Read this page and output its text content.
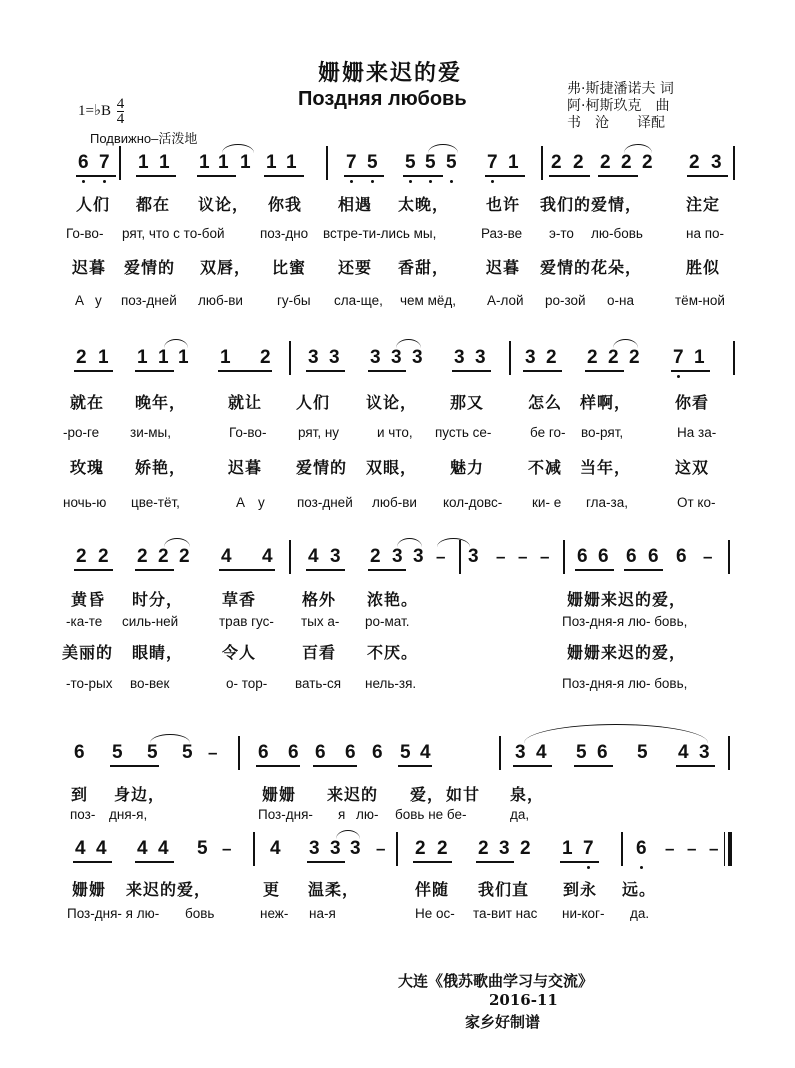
姗姗来迟的爱
Поздняя любовь	弗·斯捷潘诺夫 词
阿·柯斯玖克　曲
书　沧　　译配
1=♭B $\frac{4}{4}$
Подвижно–活泼地
6 7 1 1 1 1 1 1 1	7 5 5 5 5 7 1 2 2 2 2 2 2 3
人们 都在 议论， 你我 相遇 太晚， 也许 我们的爱情，	注定
Го-во- рят, что с то-бой	поз-дно встре-ти-лись мы,	Раз-ве э-то лю-бовь	на по-
迟暮 爱情的 双唇， 比蜜 还要 香甜， 迟暮 爱情的花朵，	胜似
А у поз-дней люб-ви	гу-бы сла-ще, чем мёд, А-лой ро-зой о-на	тём-ной
2 1 1 1 1 1 2 3 3 3 3 3 3 3 3 2 2 2 2 7 1
就在 晚年，	就让 人们 议论， 那又	怎么 样啊，	你看
-ро-ге зи-мы,	Го-во- рят, ну	и что, пусть се-	бе го- во-рят,	На за-
玫瑰 娇艳，	迟暮 爱情的 双眼， 魅力	不减 当年，	这双
ночь-ю цве-тёт,	А у поз-дней люб-ви кол-довс- ки- е гла-за,	От ко-
2 2 2 2 2 4 4 4 3 2 3 3 3	6 6 6 6 6
–	– – –	–
黄昏 时分， 草香	格外 浓艳。	姗姗来迟的爱，
-ка-те силь-ней	трав гус- тых а- ро-мат.	Поз-дня-я лю- бовь,
美丽的 眼睛， 令人	百看 不厌。	姗姗来迟的爱，
-то-рых во-век	о- тор- вать-ся нель-зя.	Поз-дня-я лю- бовь,
6 5 5 5	6 6 6 6 6 5 4	3 4 5 6 5 4 3
–
到 身边，	姗姗 来迟的 爱， 如甘 泉，
поз- дня-я,	Поз-дня- я лю- бовь не бе-	да,
4 4 4 4 5	4 3 3 3	2 2 2 3 2 1 7 6
–	–	– – –
姗姗 来迟的爱，	更 温柔，	伴随 我们直 到永 远。
Поз-дня- я лю- бовь	неж- на-я	Не ос- та-вит нас ни-ког- да.
大连《俄苏歌曲学习与交流》
2016-11
家乡好制谱
